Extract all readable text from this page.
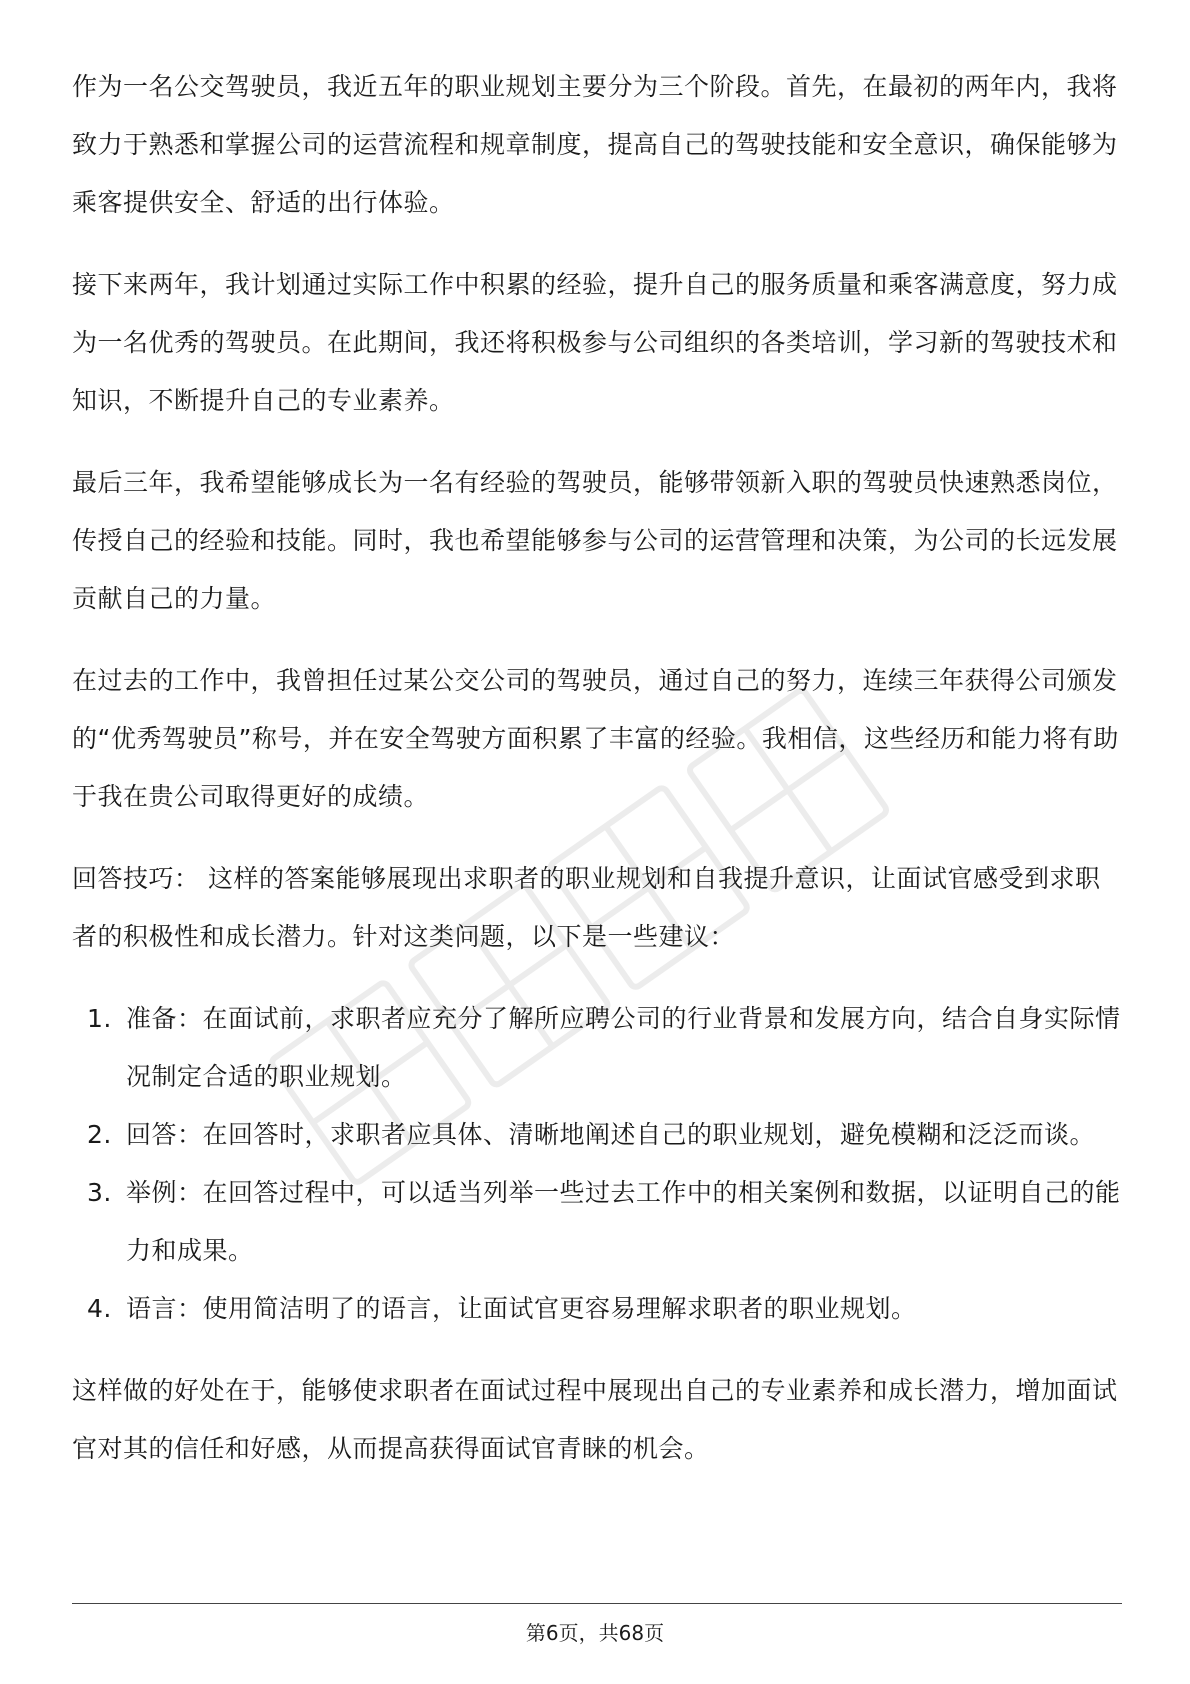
作为一名公交驾驶员，我近五年的职业规划主要分为三个阶段。首先，在最初的两年内，我将致力于熟悉和掌握公司的运营流程和规章制度，提高自己的驾驶技能和安全意识，确保能够为乘客提供安全、舒适的出行体验。

接下来两年，我计划通过实际工作中积累的经验，提升自己的服务质量和乘客满意度，努力成为一名优秀的驾驶员。在此期间，我还将积极参与公司组织的各类培训，学习新的驾驶技术和知识，不断提升自己的专业素养。

最后三年，我希望能够成长为一名有经验的驾驶员，能够带领新入职的驾驶员快速熟悉岗位，传授自己的经验和技能。同时，我也希望能够参与公司的运营管理和决策，为公司的长远发展贡献自己的力量。

在过去的工作中，我曾担任过某公交公司的驾驶员，通过自己的努力，连续三年获得公司颁发的“优秀驾驶员”称号，并在安全驾驶方面积累了丰富的经验。我相信，这些经历和能力将有助于我在贵公司取得更好的成绩。

回答技巧： 这样的答案能够展现出求职者的职业规划和自我提升意识，让面试官感受到求职者的积极性和成长潜力。针对这类问题，以下是一些建议：

1. 准备：在面试前，求职者应充分了解所应聘公司的行业背景和发展方向，结合自身实际情况制定合适的职业规划。
2. 回答：在回答时，求职者应具体、清晰地阐述自己的职业规划，避免模糊和泛泛而谈。
3. 举例：在回答过程中，可以适当列举一些过去工作中的相关案例和数据，以证明自己的能力和成果。
4. 语言：使用简洁明了的语言，让面试官更容易理解求职者的职业规划。

这样做的好处在于，能够使求职者在面试过程中展现出自己的专业素养和成长潜力，增加面试官对其的信任和好感，从而提高获得面试官青睐的机会。

第6页，共68页
